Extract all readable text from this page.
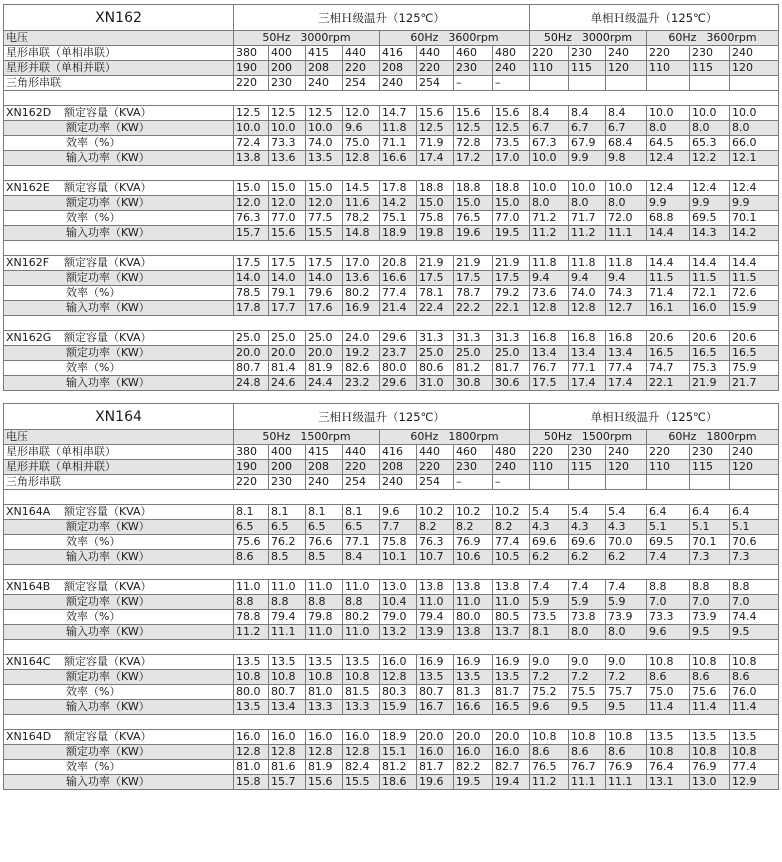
XN162	三相Ｈ级温升（125℃）								单相Ｈ级温升（125℃）					
电压	50Hz 3000rpm				60Hz 3600rpm				50Hz 3000rpm			60Hz 3600rpm		
星形串联（单相串联）	380	400	415	440	416	440	460	480	220	230	240	220	230	240
星形并联（单相并联）	190	200	208	220	208	220	230	240	110	115	120	110	115	120
三角形串联	220	230	240	254	240	254	–	–						

XN162D 额定容量（KVA）	12.5	12.5	12.5	12.0	14.7	15.6	15.6	15.6	8.4	8.4	8.4	10.0	10.0	10.0
额定功率（KW）	10.0	10.0	10.0	9.6	11.8	12.5	12.5	12.5	6.7	6.7	6.7	8.0	8.0	8.0
效率（%）	72.4	73.3	74.0	75.0	71.1	71.9	72.8	73.5	67.3	67.9	68.4	64.5	65.3	66.0
输入功率（KW）	13.8	13.6	13.5	12.8	16.6	17.4	17.2	17.0	10.0	9.9	9.8	12.4	12.2	12.1

XN162E 额定容量（KVA）	15.0	15.0	15.0	14.5	17.8	18.8	18.8	18.8	10.0	10.0	10.0	12.4	12.4	12.4
额定功率（KW）	12.0	12.0	12.0	11.6	14.2	15.0	15.0	15.0	8.0	8.0	8.0	9.9	9.9	9.9
效率（%）	76.3	77.0	77.5	78.2	75.1	75.8	76.5	77.0	71.2	71.7	72.0	68.8	69.5	70.1
输入功率（KW）	15.7	15.6	15.5	14.8	18.9	19.8	19.6	19.5	11.2	11.2	11.1	14.4	14.3	14.2

XN162F 额定容量（KVA）	17.5	17.5	17.5	17.0	20.8	21.9	21.9	21.9	11.8	11.8	11.8	14.4	14.4	14.4
额定功率（KW）	14.0	14.0	14.0	13.6	16.6	17.5	17.5	17.5	9.4	9.4	9.4	11.5	11.5	11.5
效率（%）	78.5	79.1	79.6	80.2	77.4	78.1	78.7	79.2	73.6	74.0	74.3	71.4	72.1	72.6
输入功率（KW）	17.8	17.7	17.6	16.9	21.4	22.4	22.2	22.1	12.8	12.8	12.7	16.1	16.0	15.9

XN162G 额定容量（KVA）	25.0	25.0	25.0	24.0	29.6	31.3	31.3	31.3	16.8	16.8	16.8	20.6	20.6	20.6
额定功率（KW）	20.0	20.0	20.0	19.2	23.7	25.0	25.0	25.0	13.4	13.4	13.4	16.5	16.5	16.5
效率（%）	80.7	81.4	81.9	82.6	80.0	80.6	81.2	81.7	76.7	77.1	77.4	74.7	75.3	75.9
输入功率（KW）	24.8	24.6	24.4	23.2	29.6	31.0	30.8	30.6	17.5	17.4	17.4	22.1	21.9	21.7
XN164	三相Ｈ级温升（125℃）								单相Ｈ级温升（125℃）					
电压	50Hz 1500rpm				60Hz 1800rpm				50Hz 1500rpm			60Hz 1800rpm		
星形串联（单相串联）	380	400	415	440	416	440	460	480	220	230	240	220	230	240
星形并联（单相并联）	190	200	208	220	208	220	230	240	110	115	120	110	115	120
三角形串联	220	230	240	254	240	254	–	–						

XN164A 额定容量（KVA）	8.1	8.1	8.1	8.1	9.6	10.2	10.2	10.2	5.4	5.4	5.4	6.4	6.4	6.4
额定功率（KW）	6.5	6.5	6.5	6.5	7.7	8.2	8.2	8.2	4.3	4.3	4.3	5.1	5.1	5.1
效率（%）	75.6	76.2	76.6	77.1	75.8	76.3	76.9	77.4	69.6	69.6	70.0	69.5	70.1	70.6
输入功率（KW）	8.6	8.5	8.5	8.4	10.1	10.7	10.6	10.5	6.2	6.2	6.2	7.4	7.3	7.3

XN164B 额定容量（KVA）	11.0	11.0	11.0	11.0	13.0	13.8	13.8	13.8	7.4	7.4	7.4	8.8	8.8	8.8
额定功率（KW）	8.8	8.8	8.8	8.8	10.4	11.0	11.0	11.0	5.9	5.9	5.9	7.0	7.0	7.0
效率（%）	78.8	79.4	79.8	80.2	79.0	79.4	80.0	80.5	73.5	73.8	73.9	73.3	73.9	74.4
输入功率（KW）	11.2	11.1	11.0	11.0	13.2	13.9	13.8	13.7	8.1	8.0	8.0	9.6	9.5	9.5

XN164C 额定容量（KVA）	13.5	13.5	13.5	13.5	16.0	16.9	16.9	16.9	9.0	9.0	9.0	10.8	10.8	10.8
额定功率（KW）	10.8	10.8	10.8	10.8	12.8	13.5	13.5	13.5	7.2	7.2	7.2	8.6	8.6	8.6
效率（%）	80.0	80.7	81.0	81.5	80.3	80.7	81.3	81.7	75.2	75.5	75.7	75.0	75.6	76.0
输入功率（KW）	13.5	13.4	13.3	13.3	15.9	16.7	16.6	16.5	9.6	9.5	9.5	11.4	11.4	11.4

XN164D 额定容量（KVA）	16.0	16.0	16.0	16.0	18.9	20.0	20.0	20.0	10.8	10.8	10.8	13.5	13.5	13.5
额定功率（KW）	12.8	12.8	12.8	12.8	15.1	16.0	16.0	16.0	8.6	8.6	8.6	10.8	10.8	10.8
效率（%）	81.0	81.6	81.9	82.4	81.2	81.7	82.2	82.7	76.5	76.7	76.9	76.4	76.9	77.4
输入功率（KW）	15.8	15.7	15.6	15.5	18.6	19.6	19.5	19.4	11.2	11.1	11.1	13.1	13.0	12.9
